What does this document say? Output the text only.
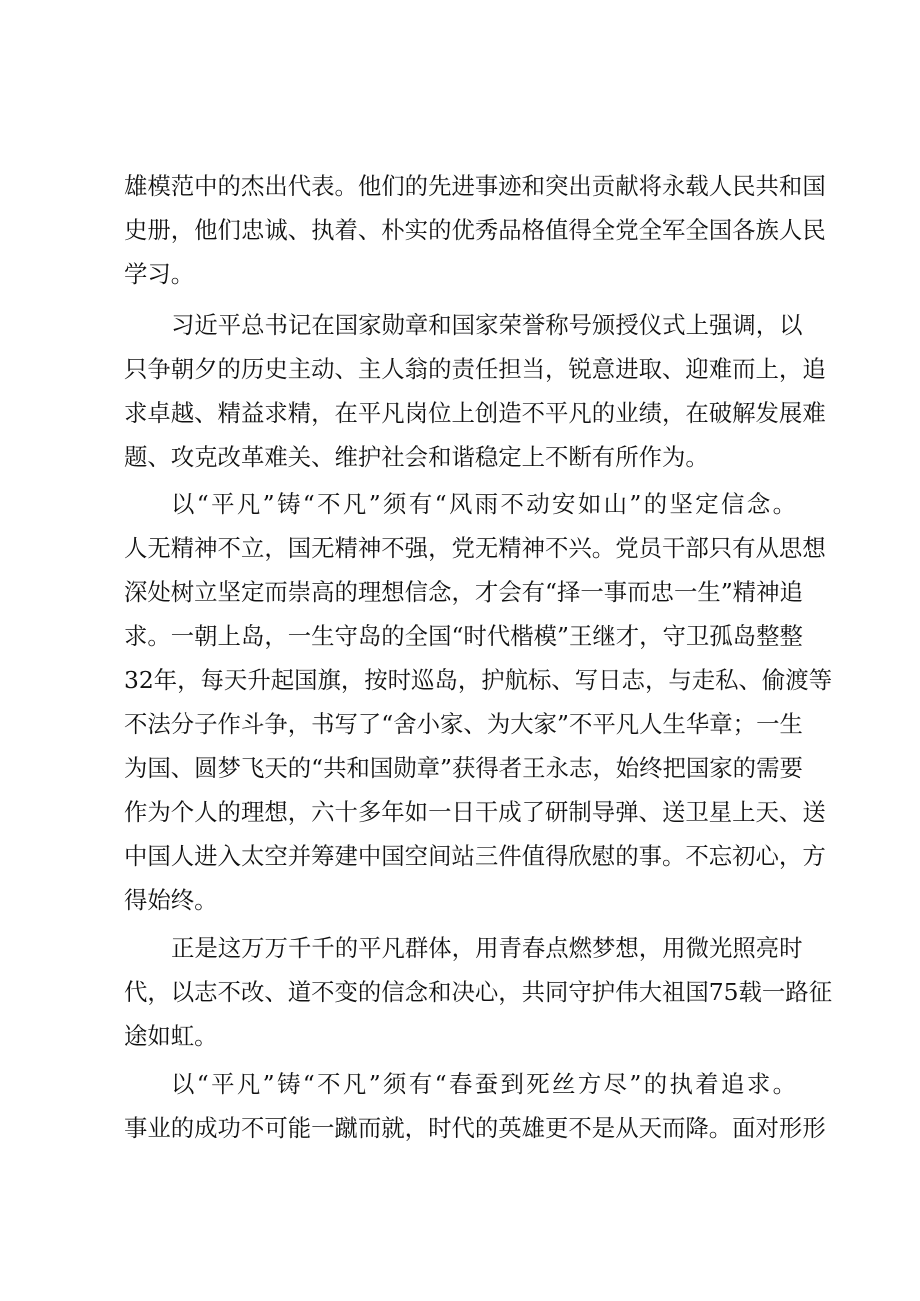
雄模范中的杰出代表。他们的先进事迹和突出贡献将永载人民共和国

史册，他们忠诚、执着、朴实的优秀品格值得全党全军全国各族人民

学习。

习近平总书记在国家勋章和国家荣誉称号颁授仪式上强调，以

只争朝夕的历史主动、主人翁的责任担当，锐意进取、迎难而上，追

求卓越、精益求精，在平凡岗位上创造不平凡的业绩，在破解发展难

题、攻克改革难关、维护社会和谐稳定上不断有所作为。

以“平凡”铸“不凡”须有“风雨不动安如山”的坚定信念。

人无精神不立，国无精神不强，党无精神不兴。党员干部只有从思想

深处树立坚定而崇高的理想信念，才会有“择一事而忠一生”精神追

求。一朝上岛，一生守岛的全国“时代楷模”王继才，守卫孤岛整整

32年，每天升起国旗，按时巡岛，护航标、写日志，与走私、偷渡等

不法分子作斗争，书写了“舍小家、为大家”不平凡人生华章；一生

为国、圆梦飞天的“共和国勋章”获得者王永志，始终把国家的需要

作为个人的理想，六十多年如一日干成了研制导弹、送卫星上天、送

中国人进入太空并筹建中国空间站三件值得欣慰的事。不忘初心，方

得始终。

正是这万万千千的平凡群体，用青春点燃梦想，用微光照亮时

代，以志不改、道不变的信念和决心，共同守护伟大祖国75载一路征

途如虹。

以“平凡”铸“不凡”须有“春蚕到死丝方尽”的执着追求。

事业的成功不可能一蹴而就，时代的英雄更不是从天而降。面对形形
